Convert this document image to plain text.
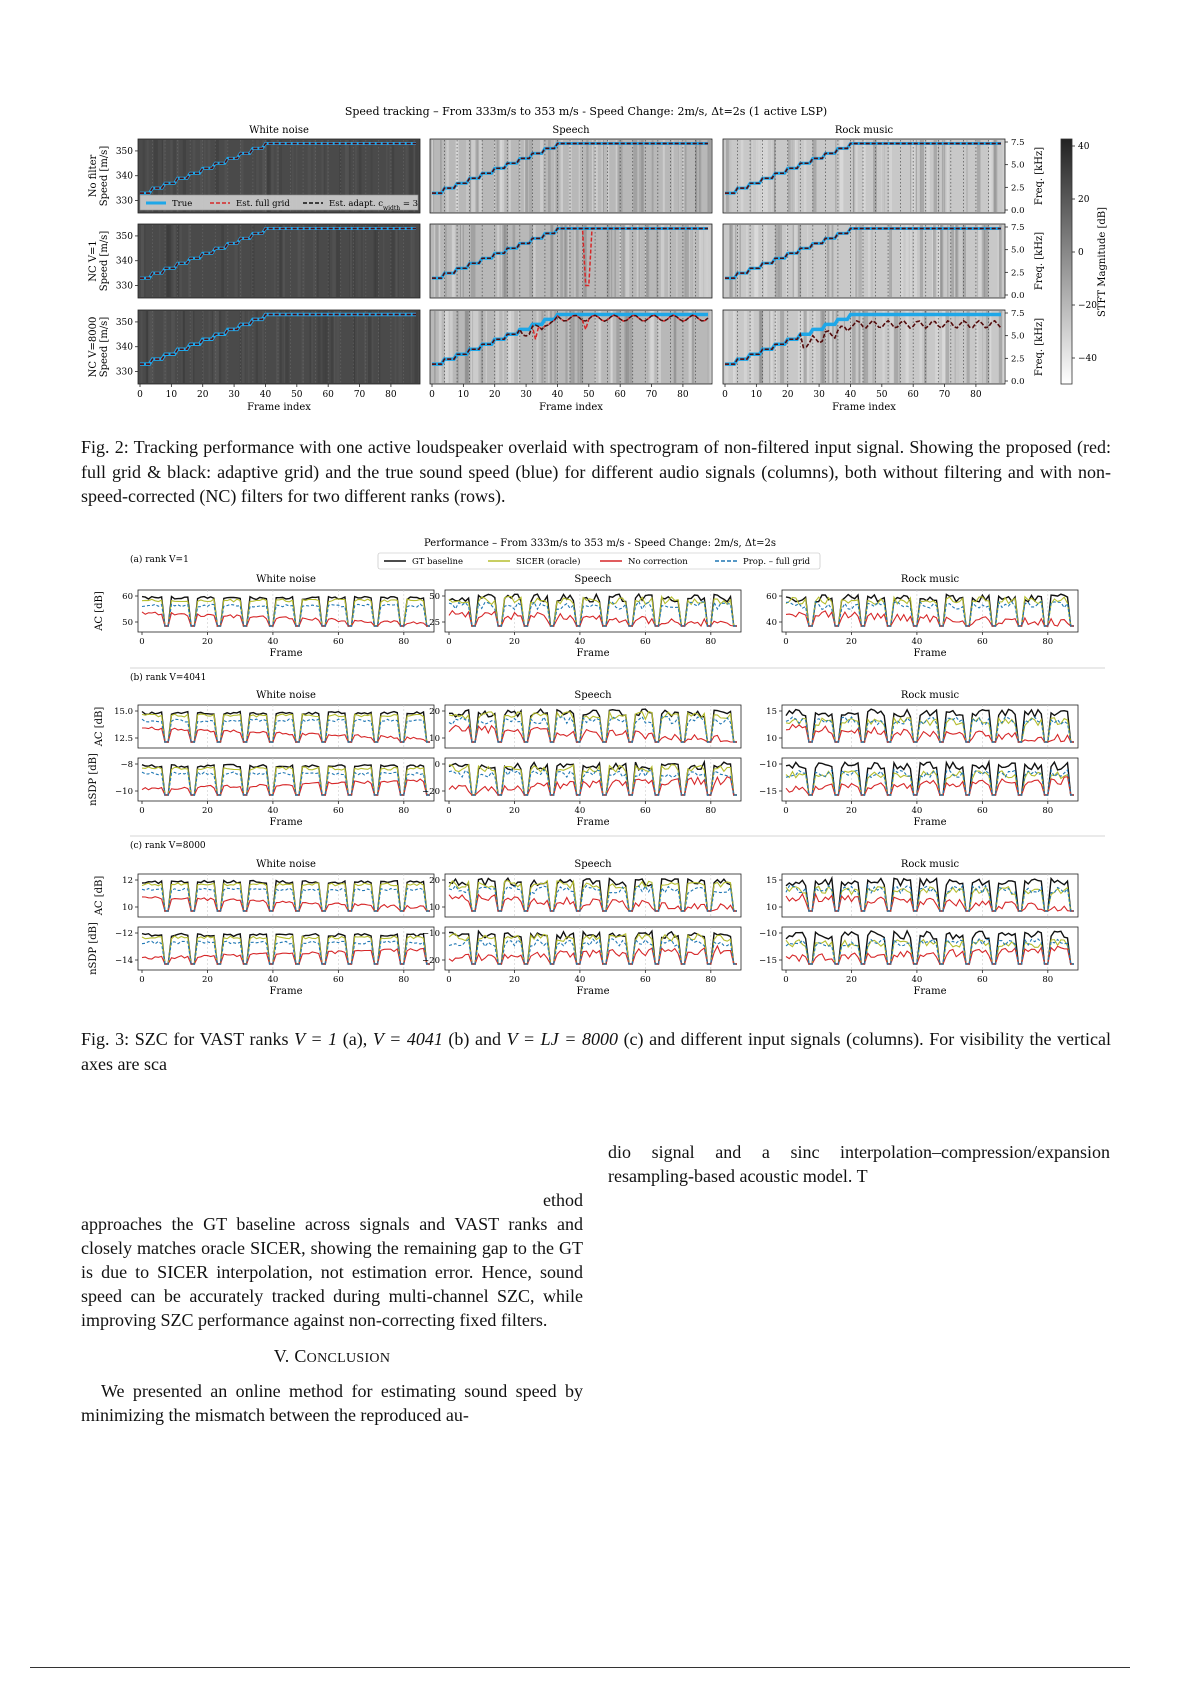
Speed tracking – From 333m/s to 353 m/s - Speed Change: 2m/s, Δt=2s (1 active LSP)
White noise	Speech	Rock music
350
340
330
No filter Speed [m/s]
7.5
5.0
2.5
0.0
Freq. [kHz]
350
340
330
NC V=1 Speed [m/s]
7.5
5.0
2.5
0.0
Freq. [kHz]
350
340
330
NC V=8000 Speed [m/s]
0	10 20 30 40 50 60 70 80
Frame index
0	10 20 30 40 50 60 70 80
Frame index
7.5
5.0
2.5
0.0
Freq. [kHz]
0	10 20 30 40 50 60 70 80
Frame index
True	Est. full grid	Est. adapt. $c_{width} = 3$
40
20
0
−20
−40
STFT Magnitude [dB]
Fig. 2: Tracking performance with one active loudspeaker overlaid with spectrogram of non-filtered input signal. Showing the proposed (red: full grid & black: adaptive grid) and the true sound speed (blue) for different audio signals (columns), both without filtering and with non-speed-corrected (NC) filters for two different ranks (rows).
Performance – From 333m/s to 353 m/s - Speed Change: 2m/s, Δt=2s
GT baseline	SICER (oracle)	No correction	Prop. – full grid
(a) rank V=1
White noise	Speech	Rock music
60
50
50
25
60
40
AC [dB]
0	20	40	60	80
Frame
0	20	40	60	80
Frame
0	20	40	60	80
Frame
(b) rank V=4041
White noise	Speech	Rock music
15.0
12.5
20
10
15
10
AC [dB]
−8
−10
0
−20
−10
−15
nSDP [dB]
0	20	40	60	80
Frame
0	20	40	60	80
Frame
0	20	40	60	80
Frame
(c) rank V=8000
White noise	Speech	Rock music
12
10
20
10
15
10
AC [dB]
−12
−14
−10
−20
−10
−15
nSDP [dB]
0	20	40	60	80
Frame
0	20	40	60	80
Frame
0	20	40	60	80
Frame
Fig. 3: SZC for VAST ranks V = 1 (a), V = 4041 (b) and V = LJ = 8000 (c) and different input signals (columns). For visibility the vertical axes are sca

ethod

approaches the GT baseline across signals and VAST ranks and closely matches oracle SICER, showing the remaining gap to the GT is due to SICER interpolation, not estimation error. Hence, sound speed can be accurately tracked during multi-channel SZC, while improving SZC performance against non-correcting fixed filters.

V. CONCLUSION

We presented an online method for estimating sound speed by minimizing the mismatch between the reproduced au-

dio signal and a sinc interpolation–compression/expansion resampling-based acoustic model. T
